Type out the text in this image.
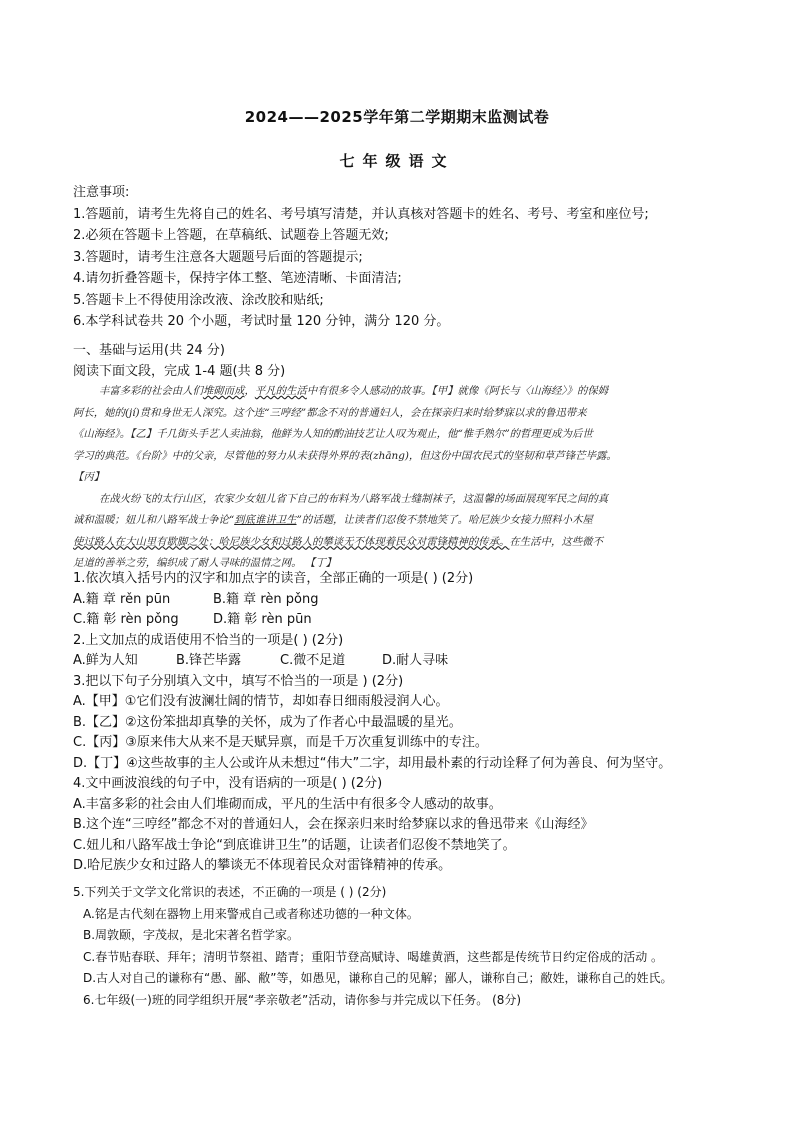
2024——2025学年第二学期期末监测试卷
七年级语文
注意事项:
1.答题前，请考生先将自己的姓名、考号填写清楚，并认真核对答题卡的姓名、考号、考室和座位号;
2.必须在答题卡上答题，在草稿纸、试题卷上答题无效;
3.答题时，请考生注意各大题题号后面的答题提示;
4.请勿折叠答题卡，保持字体工整、笔迹清晰、卡面清洁;
5.答题卡上不得使用涂改液、涂改胶和贴纸;
6.本学科试卷共 20 个小题，考试时量 120 分钟，满分 120 分。
一、基础与运用(共 24 分)
阅读下面文段，完成 1-4 题(共 8 分)
丰富多彩的社会由人们堆砌而成，平凡的生活中有很多令人感动的故事。【甲】就像《阿长与〈山海经〉》的保姆
阿长，她的(jí)贯和身世无人深究。这个连“三哼经”都念不对的普通妇人，会在探亲归来时给梦寐以求的鲁迅带来
《山海经》。【乙】千几街头手艺人卖油翁，他鲜为人知的酌油技艺让人叹为观止，他“惟手熟尔”的哲理更成为后世
学习的典范。《台阶》中的父亲，尽管他的努力从未获得外界的表(zhāng)，但这份中国农民式的坚韧和草芦锋芒毕露。
【丙】
在战火纷飞的太行山区，农家少女妞儿省下自己的布料为八路军战士缝制袜子，这温馨的场面展现军民之间的真
诚和温暖；妞儿和八路军战士争论“到底谁讲卫生”的话题，让读者们忍俊不禁地笑了。哈尼族少女接力照料小木屋
使过路人在大山里有歇脚之处；哈尼族少女和过路人的攀谈无不体现着民众对雷锋精神的传承。在生活中，这些微不
足道的善举之劳，编织成了耐人寻味的温情之网。 【丁】
1.依次填入括号内的汉字和加点字的读音，全部正确的一项是( ) (2分)
A.籍 章 rěn pūn	B.籍 章 rèn pǒng
C.籍 彰 rèn pǒng	D.籍 彰 rèn pūn
2.上文加点的成语使用不恰当的一项是( ) (2分)
A.鲜为人知	B.锋芒毕露	C.微不足道	D.耐人寻味
3.把以下句子分别填入文中，填写不恰当的一项是 ) (2分)
A.【甲】①它们没有波澜壮阔的情节，却如春日细雨般浸润人心。
B.【乙】②这份笨拙却真挚的关怀，成为了作者心中最温暖的星光。
C.【丙】③原来伟大从来不是天赋异禀，而是千万次重复训练中的专注。
D.【丁】④这些故事的主人公或许从未想过“伟大”二字，却用最朴素的行动诠释了何为善良、何为坚守。
4.文中画波浪线的句子中，没有语病的一项是( ) (2分)
A.丰富多彩的社会由人们堆砌而成，平凡的生活中有很多令人感动的故事。
B.这个连“三哼经”都念不对的普通妇人，会在探亲归来时给梦寐以求的鲁迅带来《山海经》
C.妞儿和八路军战士争论“到底谁讲卫生”的话题，让读者们忍俊不禁地笑了。
D.哈尼族少女和过路人的攀谈无不体现着民众对雷锋精神的传承。
5.下列关于文学文化常识的表述，不正确的一项是 ( ) (2分)
A.铭是古代刻在器物上用来警戒自己或者称述功德的一种文体。
B.周敦颐，字茂叔，是北宋著名哲学家。
C.春节贴春联、拜年；清明节祭祖、踏青；重阳节登高赋诗、喝雄黄酒，这些都是传统节日约定俗成的活动 。
D.古人对自己的谦称有“愚、鄙、敝”等，如愚见，谦称自己的见解；鄙人，谦称自己；敝姓，谦称自己的姓氏。
6.七年级(一)班的同学组织开展“孝亲敬老”活动，请你参与并完成以下任务。 (8分)
